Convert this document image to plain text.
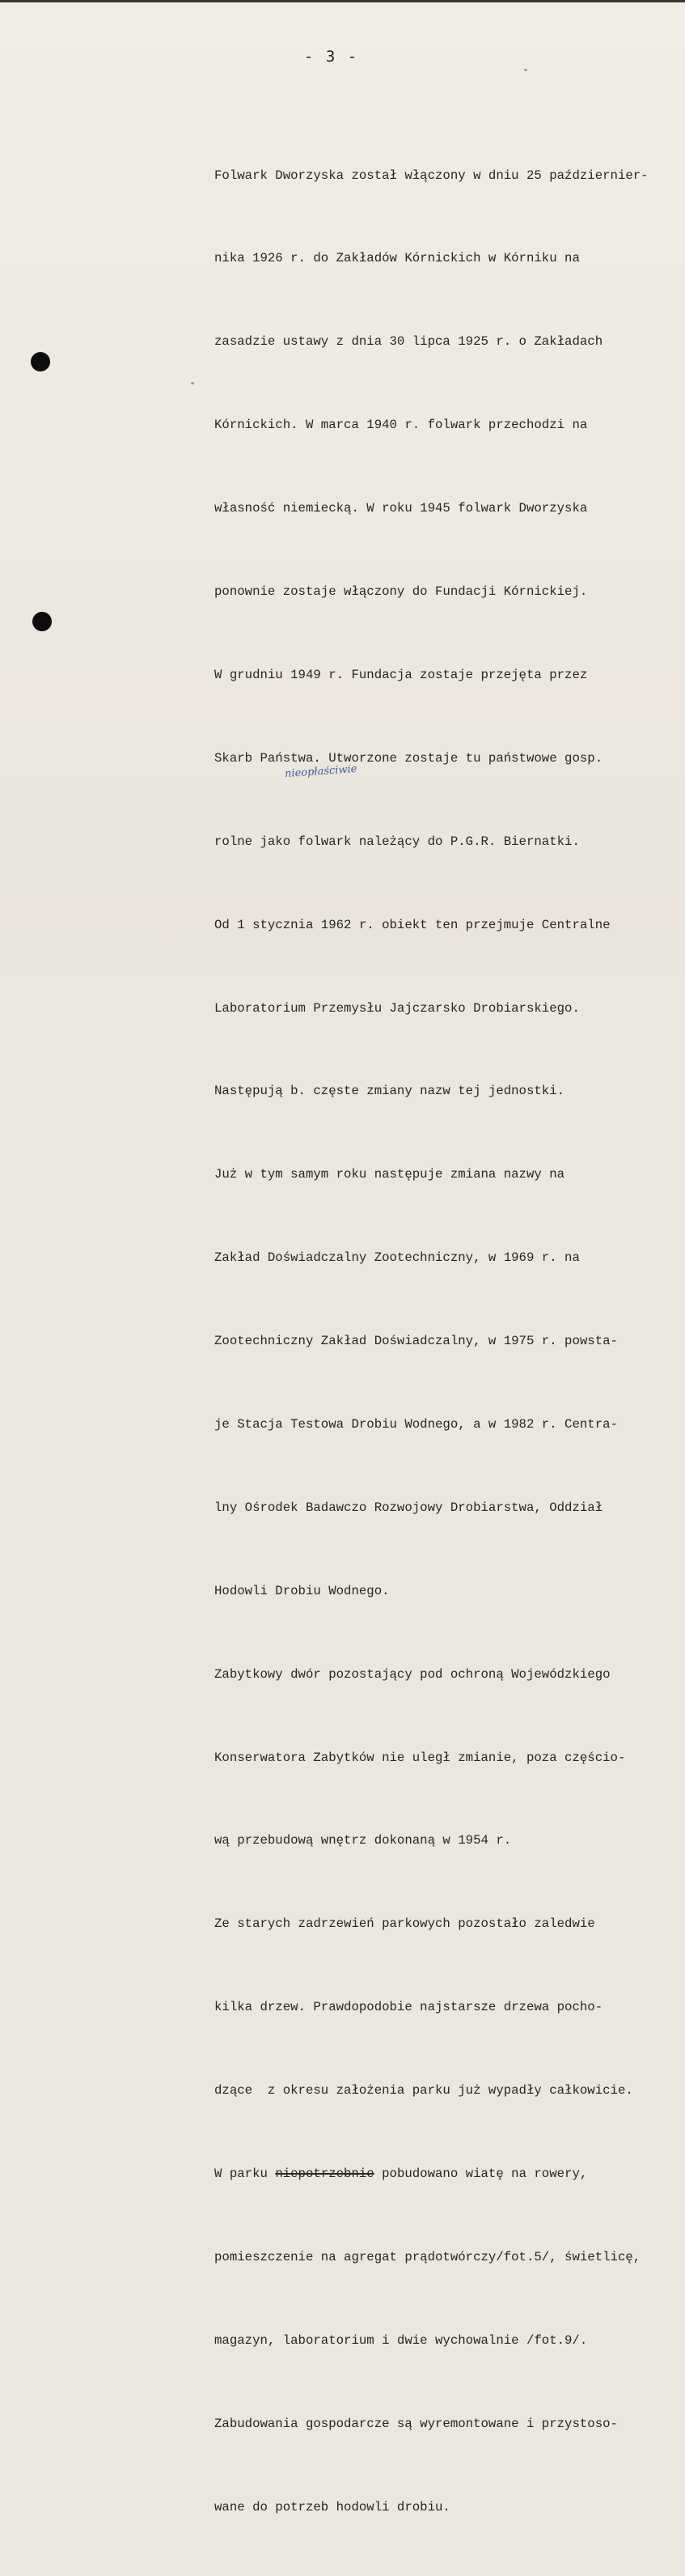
- 3 -

Folwark Dworzyska został włączony w dniu 25 październier-

nika 1926 r. do Zakładów Kórnickich w Kórniku na

zasadzie ustawy z dnia 30 lipca 1925 r. o Zakładach

Kórnickich. W marca 1940 r. folwark przechodzi na

własność niemiecką. W roku 1945 folwark Dworzyska

ponownie zostaje włączony do Fundacji Kórnickiej.

W grudniu 1949 r. Fundacja zostaje przejęta przez

Skarb Państwa. Utworzone zostaje tu państwowe gosp.

rolne jako folwark należący do P.G.R. Biernatki.

Od 1 stycznia 1962 r. obiekt ten przejmuje Centralne

Laboratorium Przemysłu Jajczarsko Drobiarskiego.

Następują b. częste zmiany nazw tej jednostki.

Już w tym samym roku następuje zmiana nazwy na

Zakład Doświadczalny Zootechniczny, w 1969 r. na

Zootechniczny Zakład Doświadczalny, w 1975 r. powsta-

je Stacja Testowa Drobiu Wodnego, a w 1982 r. Centra-

lny Ośrodek Badawczo Rozwojowy Drobiarstwa, Oddział

Hodowli Drobiu Wodnego.

Zabytkowy dwór pozostający pod ochroną Wojewódzkiego

Konserwatora Zabytków nie uległ zmianie, poza częścio-

wą przebudową wnętrz dokonaną w 1954 r.

Ze starych zadrzewień parkowych pozostało zaledwie

kilka drzew. Prawdopodobie najstarsze drzewa pocho-

dzące  z okresu założenia parku już wypadły całkowicie.

W parku niepotrzebnie pobudowano wiatę na rowery,

pomieszczenie na agregat prądotwórczy/fot.5/, świetlicę,

magazyn, laboratorium i dwie wychowalnie /fot.9/.

Zabudowania gospodarcze są wyremontowane i przystoso-

wane do potrzeb hodowli drobiu.

nieopłaściwie
